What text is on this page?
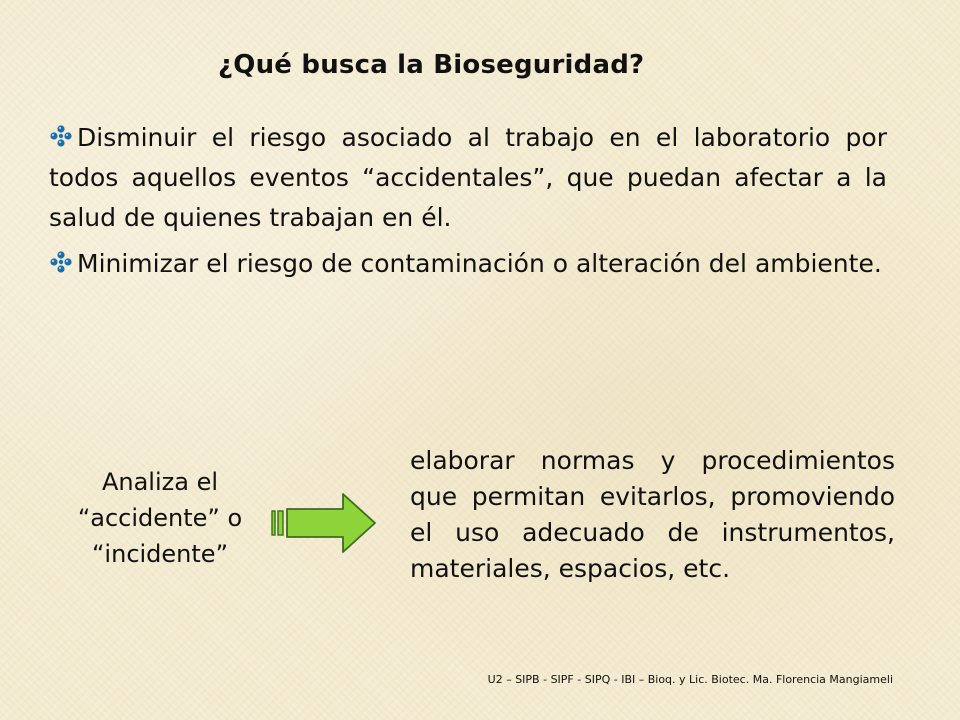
¿Qué busca la Bioseguridad?

Disminuir el riesgo asociado al trabajo en el laboratorio por todos aquellos eventos “accidentales”, que puedan afectar a la salud de quienes trabajan en él.

Minimizar el riesgo de contaminación o alteración del ambiente.

Analiza el
“accidente” o
“incidente”

elaborar normas y procedimientos que permitan evitarlos, promoviendo el uso adecuado de instrumentos, materiales, espacios, etc.

U2 – SIPB - SIPF - SIPQ - IBI – Bioq. y Lic. Biotec. Ma. Florencia Mangiameli
